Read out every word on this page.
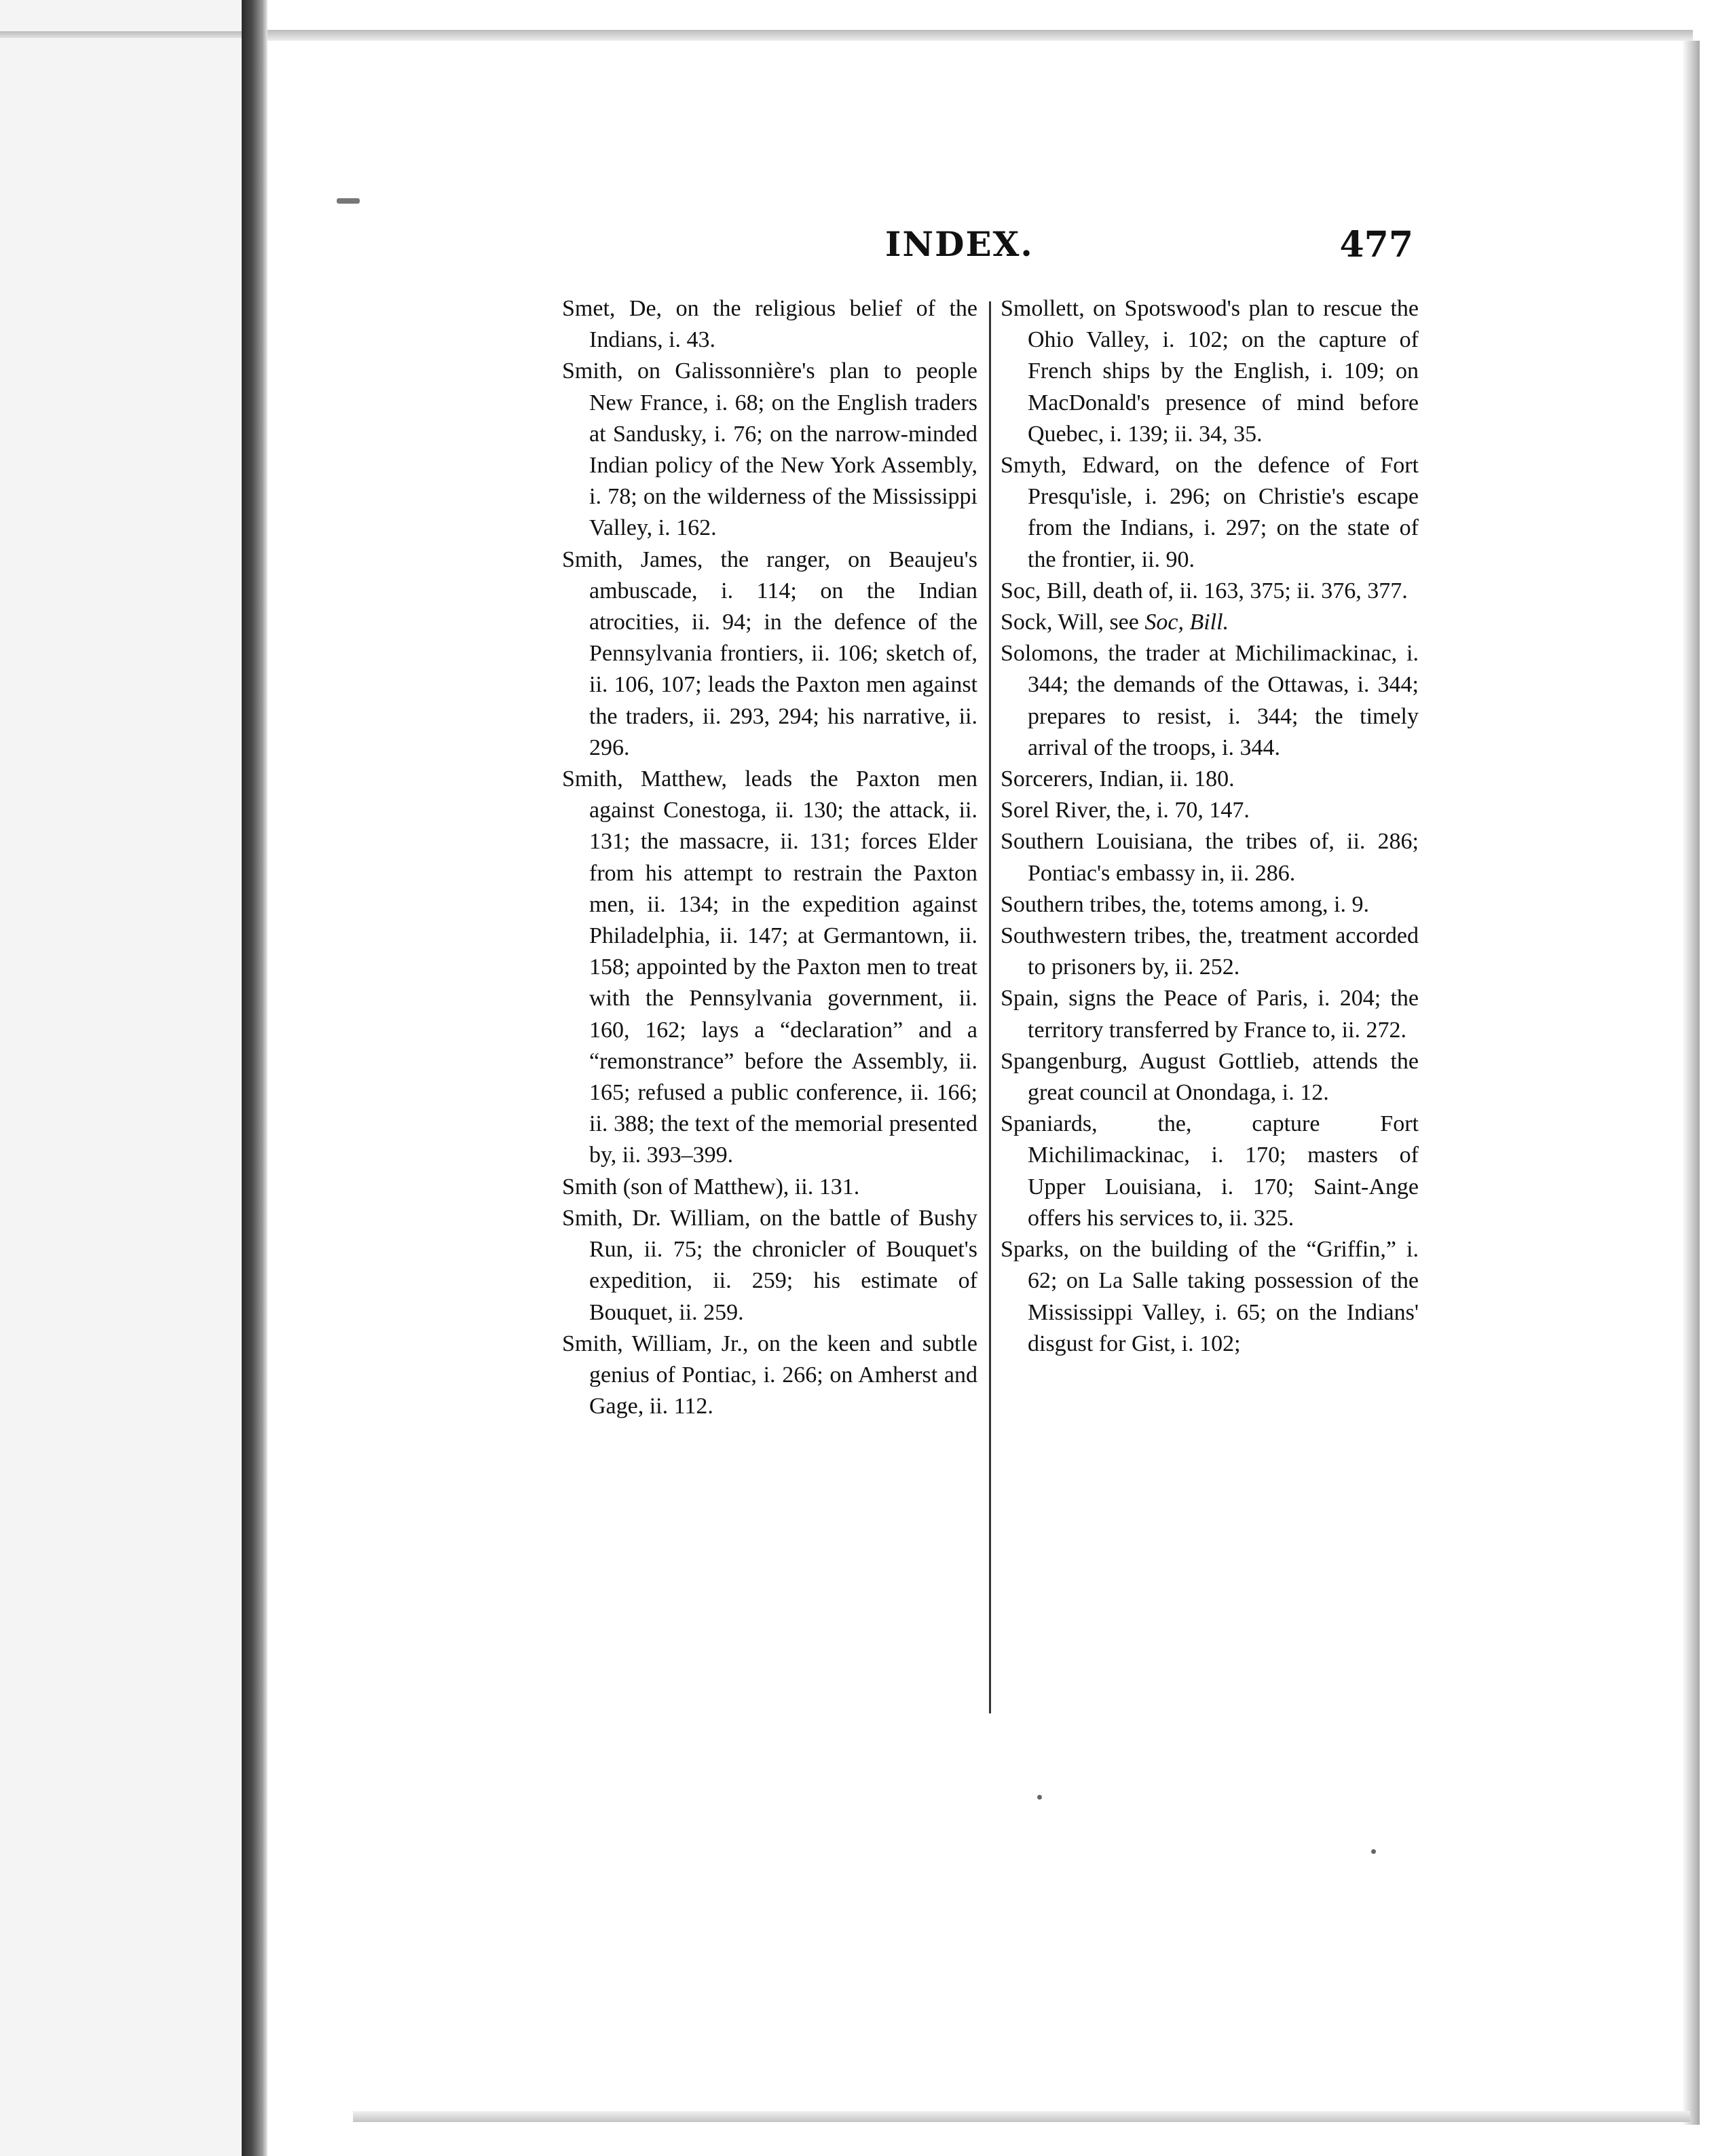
INDEX.	477

Smet, De, on the religious belief of the Indians, i. 43.

Smith, on Galissonnière's plan to people New France, i. 68; on the English traders at Sandusky, i. 76; on the narrow-minded Indian policy of the New York Assembly, i. 78; on the wilderness of the Mississippi Valley, i. 162.

Smith, James, the ranger, on Beaujeu's ambuscade, i. 114; on the Indian atrocities, ii. 94; in the defence of the Pennsylvania frontiers, ii. 106; sketch of, ii. 106, 107; leads the Paxton men against the traders, ii. 293, 294; his narrative, ii. 296.

Smith, Matthew, leads the Paxton men against Conestoga, ii. 130; the attack, ii. 131; the massacre, ii. 131; forces Elder from his attempt to restrain the Paxton men, ii. 134; in the expedition against Philadelphia, ii. 147; at Germantown, ii. 158; appointed by the Paxton men to treat with the Pennsylvania government, ii. 160, 162; lays a “declaration” and a “remonstrance” before the Assembly, ii. 165; refused a public conference, ii. 166; ii. 388; the text of the memorial presented by, ii. 393–399.

Smith (son of Matthew), ii. 131.

Smith, Dr. William, on the battle of Bushy Run, ii. 75; the chronicler of Bouquet's expedition, ii. 259; his estimate of Bouquet, ii. 259.

Smith, William, Jr., on the keen and subtle genius of Pontiac, i. 266; on Amherst and Gage, ii. 112.

Smollett, on Spotswood's plan to rescue the Ohio Valley, i. 102; on the capture of French ships by the English, i. 109; on MacDonald's presence of mind before Quebec, i. 139; ii. 34, 35.

Smyth, Edward, on the defence of Fort Presqu'isle, i. 296; on Christie's escape from the Indians, i. 297; on the state of the frontier, ii. 90.

Soc, Bill, death of, ii. 163, 375; ii. 376, 377.

Sock, Will, see Soc, Bill.

Solomons, the trader at Michilimackinac, i. 344; the demands of the Ottawas, i. 344; prepares to resist, i. 344; the timely arrival of the troops, i. 344.

Sorcerers, Indian, ii. 180.

Sorel River, the, i. 70, 147.

Southern Louisiana, the tribes of, ii. 286; Pontiac's embassy in, ii. 286.

Southern tribes, the, totems among, i. 9.

Southwestern tribes, the, treatment accorded to prisoners by, ii. 252.

Spain, signs the Peace of Paris, i. 204; the territory transferred by France to, ii. 272.

Spangenburg, August Gottlieb, attends the great council at Onondaga, i. 12.

Spaniards, the, capture Fort Michilimackinac, i. 170; masters of Upper Louisiana, i. 170; Saint-Ange offers his services to, ii. 325.

Sparks, on the building of the “Griffin,” i. 62; on La Salle taking possession of the Mississippi Valley, i. 65; on the Indians' disgust for Gist, i. 102;
